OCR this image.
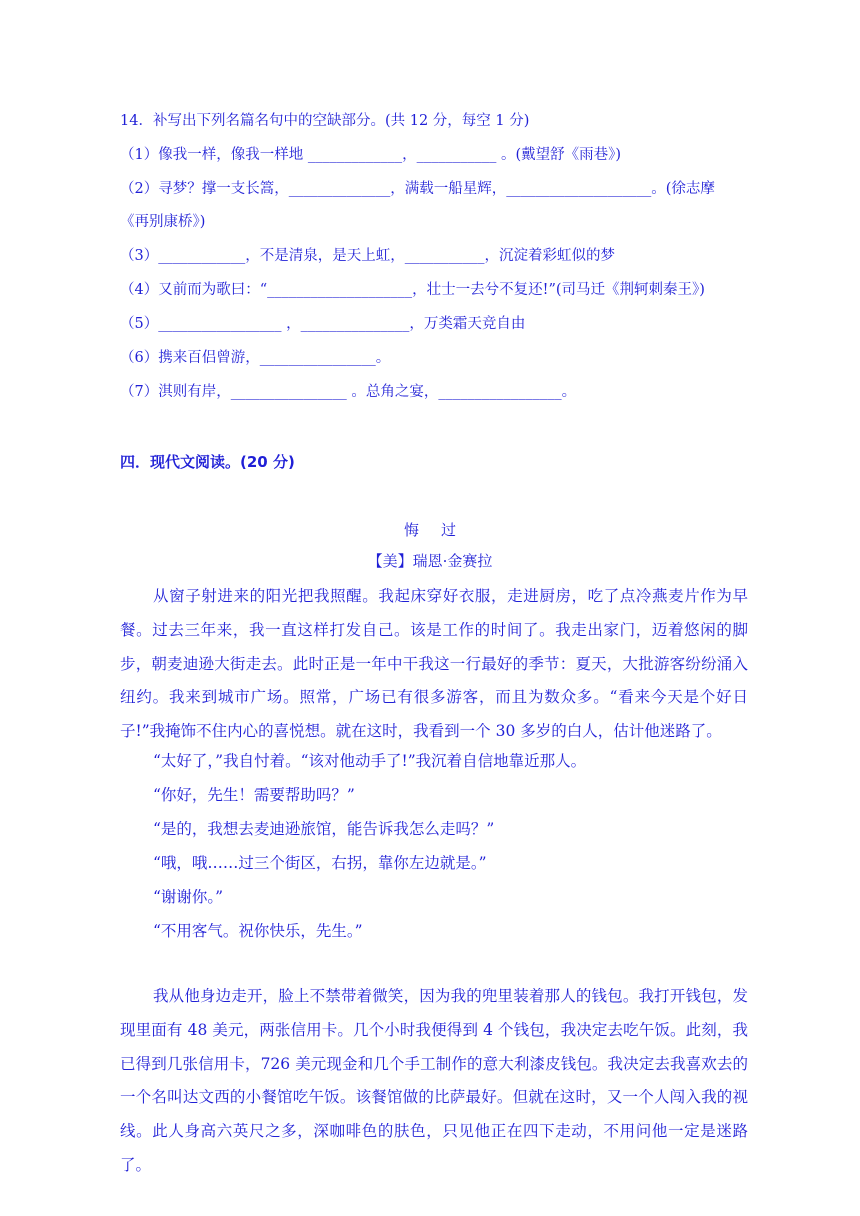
14．补写出下列名篇名句中的空缺部分。(共 12 分，每空 1 分)
（1）像我一样，像我一样地 _____________，___________ 。(戴望舒《雨巷》)
（2）寻梦？撑一支长篙，______________，满载一船星辉，____________________。(徐志摩
《再别康桥》)
（3）____________，不是清泉，是天上虹，___________，沉淀着彩虹似的梦
（4）又前而为歌曰：“____________________，壮士一去兮不复还!”(司马迁《荆轲刺秦王》)
（5）_________________ ，_______________，万类霜天竞自由
（6）携来百侣曾游，________________。
（7）淇则有岸，________________ 。总角之宴，_________________。
四．现代文阅读。(20 分)
悔过
【美】瑞恩·金赛拉
从窗子射进来的阳光把我照醒。我起床穿好衣服，走进厨房，吃了点冷燕麦片作为早餐。过去三年来，我一直这样打发自己。该是工作的时间了。我走出家门，迈着悠闲的脚步，朝麦迪逊大街走去。此时正是一年中干我这一行最好的季节：夏天，大批游客纷纷涌入纽约。我来到城市广场。照常，广场已有很多游客，而且为数众多。“看来今天是个好日子!”我掩饰不住内心的喜悦想。就在这时，我看到一个 30 多岁的白人，估计他迷路了。
“太好了，”我自忖着。“该对他动手了!”我沉着自信地靠近那人。
“你好，先生！需要帮助吗？”
“是的，我想去麦迪逊旅馆，能告诉我怎么走吗？”
“哦，哦……过三个街区，右拐，靠你左边就是。”
“谢谢你。”
“不用客气。祝你快乐，先生。”
我从他身边走开，脸上不禁带着微笑，因为我的兜里装着那人的钱包。我打开钱包，发现里面有 48 美元，两张信用卡。几个小时我便得到 4 个钱包，我决定去吃午饭。此刻，我已得到几张信用卡，726 美元现金和几个手工制作的意大利漆皮钱包。我决定去我喜欢去的一个名叫达文西的小餐馆吃午饭。该餐馆做的比萨最好。但就在这时，又一个人闯入我的视线。此人身高六英尺之多，深咖啡色的肤色，只见他正在四下走动，不用问他一定是迷路了。
